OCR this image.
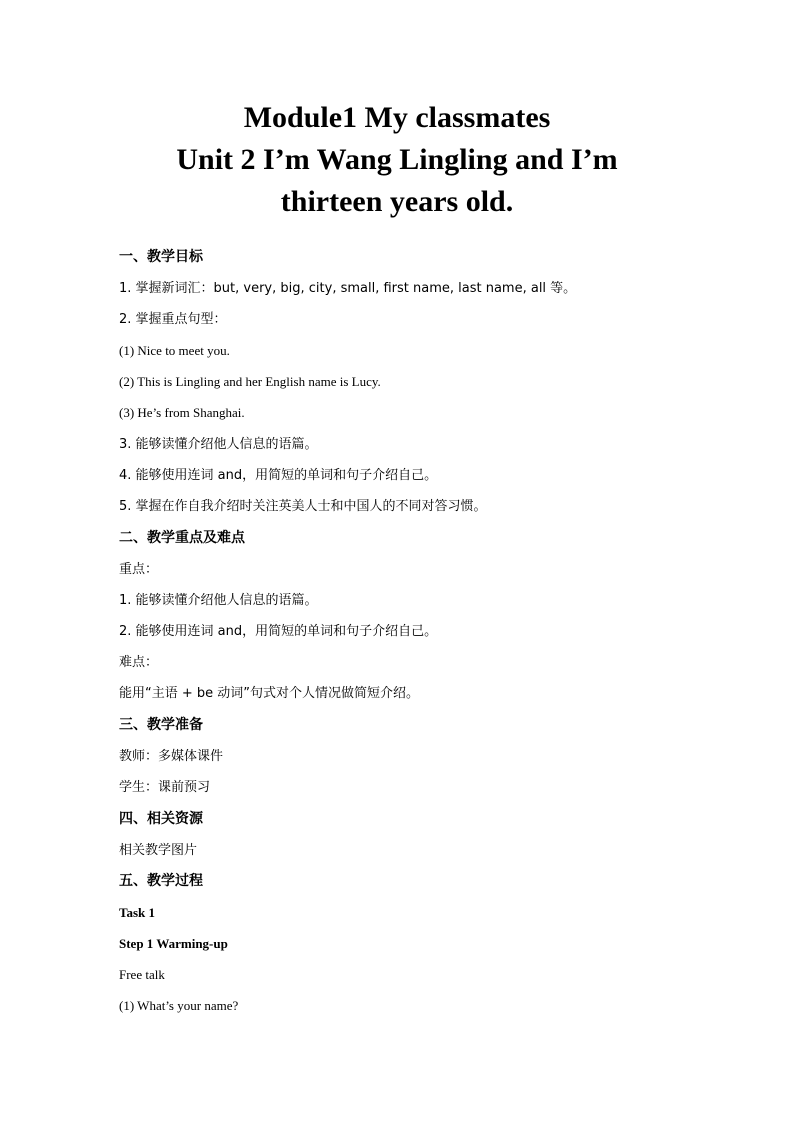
Module1 My classmates
Unit 2 I’m Wang Lingling and I’m
thirteen years old.
一、教学目标
1. 掌握新词汇：but, very, big, city, small, first name, last name, all 等。
2. 掌握重点句型：
(1) Nice to meet you.
(2) This is Lingling and her English name is Lucy.
(3) He’s from Shanghai.
3. 能够读懂介绍他人信息的语篇。
4. 能够使用连词 and，用简短的单词和句子介绍自己。
5. 掌握在作自我介绍时关注英美人士和中国人的不同对答习惯。
二、教学重点及难点
重点：
1. 能够读懂介绍他人信息的语篇。
2. 能够使用连词 and，用简短的单词和句子介绍自己。
难点：
能用“主语 + be 动词”句式对个人情况做简短介绍。
三、教学准备
教师：多媒体课件
学生：课前预习
四、相关资源
相关教学图片
五、教学过程
Task 1
Step 1 Warming-up
Free talk
(1) What’s your name?
